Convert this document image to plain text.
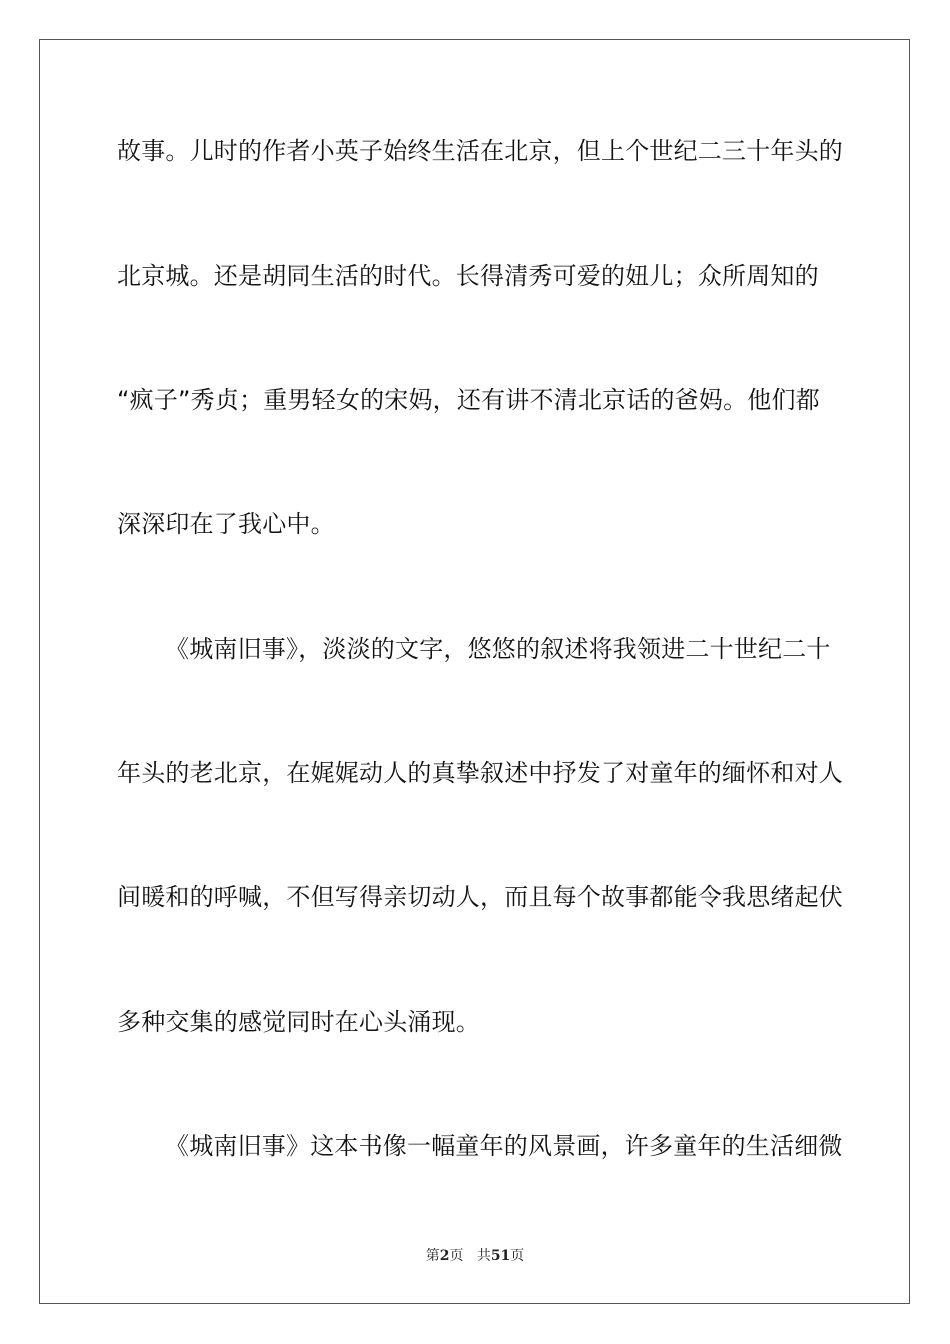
故事。儿时的作者小英子始终生活在北京，但上个世纪二三十年头的
北京城。还是胡同生活的时代。长得清秀可爱的妞儿；众所周知的
“疯子”秀贞；重男轻女的宋妈，还有讲不清北京话的爸妈。他们都
深深印在了我心中。
《城南旧事》，淡淡的文字，悠悠的叙述将我领进二十世纪二十
年头的老北京，在娓娓动人的真挚叙述中抒发了对童年的缅怀和对人
间暖和的呼喊，不但写得亲切动人，而且每个故事都能令我思绪起伏
多种交集的感觉同时在心头涌现。
《城南旧事》这本书像一幅童年的风景画，许多童年的生活细微
第2页 共51页
